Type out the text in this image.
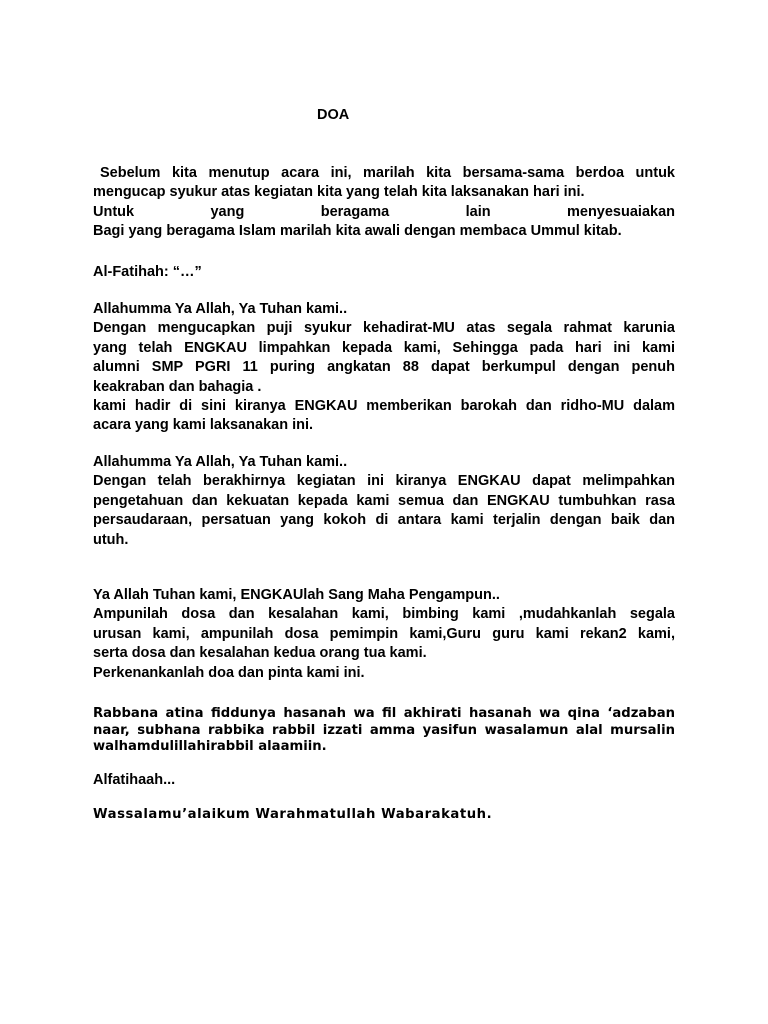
DOA
Sebelum kita menutup acara ini, marilah kita bersama-sama berdoa untuk
mengucap syukur atas kegiatan kita yang telah kita laksanakan hari ini.
Untuk yang beragama lain menyesuaiakan
Bagi yang beragama Islam marilah kita awali dengan membaca Ummul kitab.
Al-Fatihah: “…”
Allahumma Ya Allah, Ya Tuhan kami..
Dengan mengucapkan puji syukur kehadirat-MU atas segala rahmat karunia
yang telah ENGKAU limpahkan kepada kami, Sehingga pada hari ini kami
alumni SMP PGRI 11 puring angkatan 88 dapat berkumpul dengan penuh
keakraban dan bahagia .
kami hadir di sini kiranya ENGKAU memberikan barokah dan ridho-MU dalam
acara yang kami laksanakan ini.
Allahumma Ya Allah, Ya Tuhan kami..
Dengan telah berakhirnya kegiatan ini kiranya ENGKAU dapat melimpahkan
pengetahuan dan kekuatan kepada kami semua dan ENGKAU tumbuhkan rasa
persaudaraan, persatuan yang kokoh di antara kami terjalin dengan baik dan
utuh.
Ya Allah Tuhan kami, ENGKAUlah Sang Maha Pengampun..
Ampunilah dosa dan kesalahan kami, bimbing kami ,mudahkanlah segala
urusan kami, ampunilah dosa pemimpin kami,Guru guru kami rekan2 kami,
serta dosa dan kesalahan kedua orang tua kami.
Perkenankanlah doa dan pinta kami ini.
Rabbana atina fiddunya hasanah wa fil akhirati hasanah wa qina ‘adzaban
naar, subhana rabbika rabbil izzati amma yasifun wasalamun alal mursalin
walhamdulillahirabbil alaamiin.
Alfatihaah...
Wassalamu’alaikum Warahmatullah Wabarakatuh.
